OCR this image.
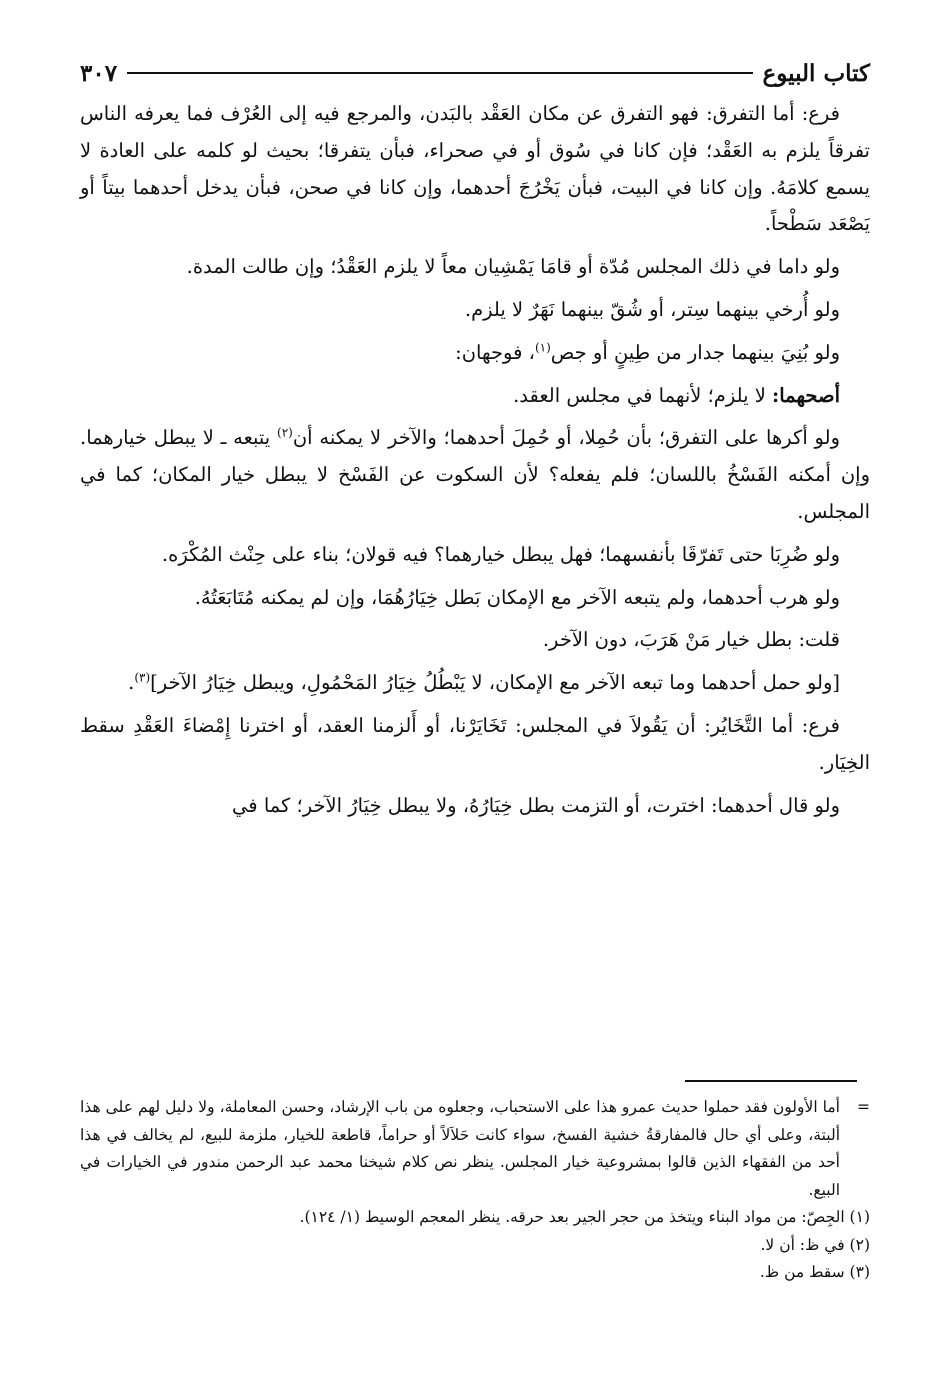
كتاب البيوع
٣٠٧

فرع: أما التفرق: فهو التفرق عن مكان العَقْد بالبَدن، والمرجع فيه إلى العُرْف فما يعرفه الناس تفرقاً يلزم به العَقْد؛ فإن كانا في سُوق أو في صحراء، فبأن يتفرقا؛ بحيث لو كلمه على العادة لا يسمع كلامَهُ. وإن كانا في البيت، فبأن يَخْرُجَ أحدهما، وإن كانا في صحن، فبأن يدخل أحدهما بيتاً أو يَصْعَد سَطْحاً.

ولو داما في ذلك المجلس مُدّة أو قامَا يَمْشِيان معاً لا يلزم العَقْدُ؛ وإن طالت المدة.

ولو أُرخي بينهما سِتر، أو شُقّ بينهما نَهَرٌ لا يلزم.

ولو بُنِيَ بينهما جدار من طِينٍ أو جص$^{(١)}$، فوجهان:

أصحهما: لا يلزم؛ لأنهما في مجلس العقد.

ولو أكرها على التفرق؛ بأن حُمِلا، أو حُمِلَ أحدهما؛ والآخر لا يمكنه أن$^{(٢)}$ يتبعه ـ لا يبطل خيارهما. وإن أمكنه الفَسْخُ باللسان؛ فلم يفعله؟ لأن السكوت عن الفَسْخ لا يبطل خيار المكان؛ كما في المجلس.

ولو ضُرِبَا حتى تَفرّقَا بأنفسهما؛ فهل يبطل خيارهما؟ فيه قولان؛ بناء على حِنْث المُكْرَه.

ولو هرب أحدهما، ولم يتبعه الآخر مع الإمكان بَطل خِيَارُهُمَا، وإن لم يمكنه مُتَابَعَتُهُ.

قلت: بطل خيار مَنْ هَرَبَ، دون الآخر.

[ولو حمل أحدهما وما تبعه الآخر مع الإمكان، لا يَبْطُلُ خِيَارُ المَحْمُولِ، ويبطل خِيَارُ الآخر]$^{(٣)}$.

فرع: أما التَّخَايُر: أن يَقُولاَ في المجلس: تَخَايَرْنا، أو أَلزمنا العقد، أو اخترنا إِمْضاءَ العَقْدِ سقط الخِيَار.

ولو قال أحدهما: اخترت، أو التزمت بطل خِيَارُهُ، ولا يبطل خِيَارُ الآخر؛ كما في

=
أما الأولون فقد حملوا حديث عمرو هذا على الاستحباب، وجعلوه من باب الإرشاد، وحسن المعاملة، ولا دليل لهم على هذا ألبتة، وعلى أي حال فالمفارقةُ خشية الفسخ، سواء كانت حَلاَلاً أو حراماً، قاطعة للخيار، ملزمة للبيع، لم يخالف في هذا أحد من الفقهاء الذين قالوا بمشروعية خيار المجلس. ينظر نص كلام شيخنا محمد عبد الرحمن مندور في الخيارات في البيع.

(١) الجِصّ: من مواد البناء ويتخذ من حجر الجير بعد حرقه. ينظر المعجم الوسيط (١/ ١٢٤).

(٢) في ظ: أن لا.

(٣) سقط من ظ.
